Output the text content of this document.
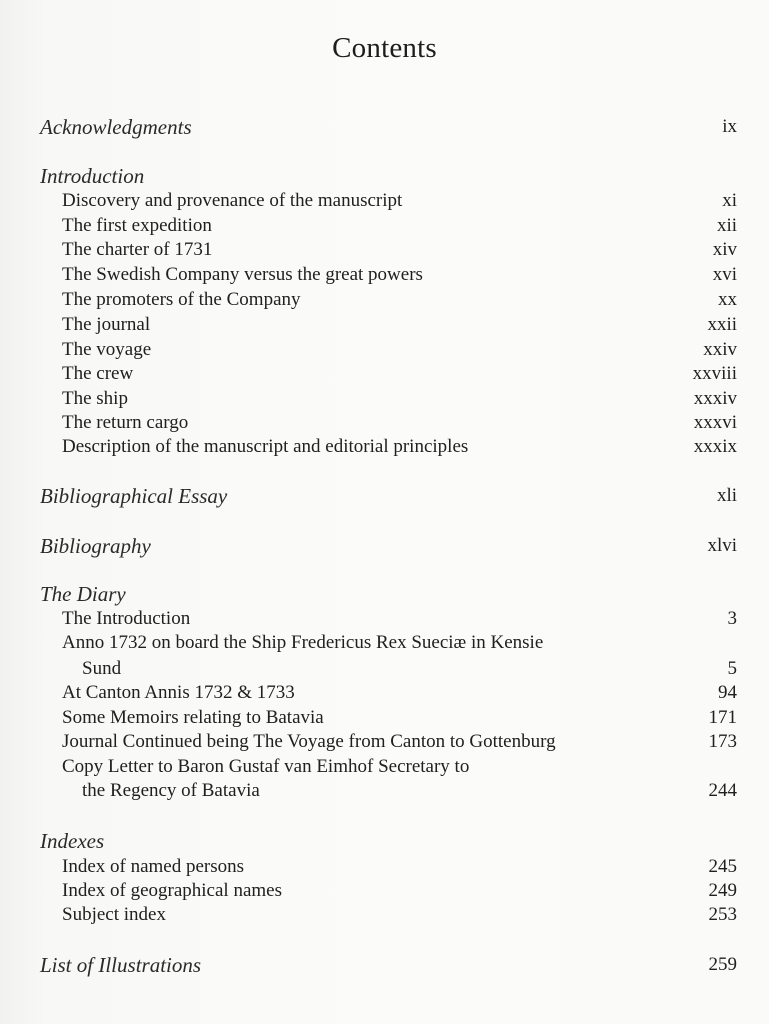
Contents
Acknowledgments	ix
Introduction
Discovery and provenance of the manuscript	xi
The first expedition	xii
The charter of 1731	xiv
The Swedish Company versus the great powers	xvi
The promoters of the Company	xx
The journal	xxii
The voyage	xxiv
The crew	xxviii
The ship	xxxiv
The return cargo	xxxvi
Description of the manuscript and editorial principles	xxxix
Bibliographical Essay	xli
Bibliography	xlvi
The Diary
The Introduction	3
Anno 1732 on board the Ship Fredericus Rex Sueciæ in Kensie
Sund	5
At Canton Annis 1732 & 1733	94
Some Memoirs relating to Batavia	171
Journal Continued being The Voyage from Canton to Gottenburg	173
Copy Letter to Baron Gustaf van Eimhof Secretary to
the Regency of Batavia	244
Indexes
Index of named persons	245
Index of geographical names	249
Subject index	253
List of Illustrations	259
